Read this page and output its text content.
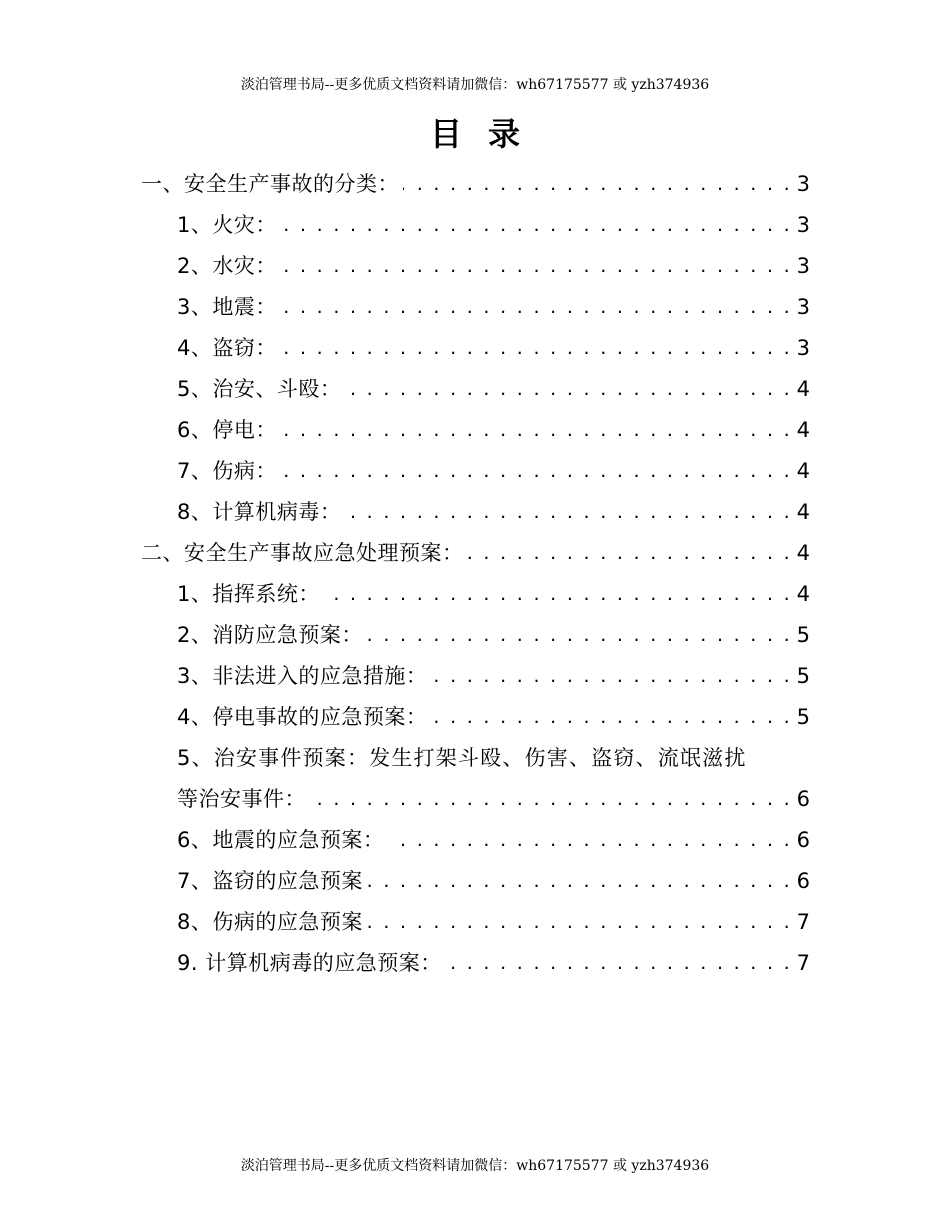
淡泊管理书局--更多优质文档资料请加微信：wh67175577 或 yzh374936
目录
一、安全生产事故的分类： . . .	3
1、火灾： . . .	3
2、水灾： . . .	3
3、地震： . . .	3
4、盗窃： . . .	3
5、治安、斗殴： . . .	4
6、停电： . . .	4
7、伤病： . . .	4
8、计算机病毒： . . .	4
二、安全生产事故应急处理预案： . . .	4
1、指挥系统： . . .	4
2、消防应急预案： . . .	5
3、非法进入的应急措施： . . .	5
4、停电事故的应急预案： . . .	5
5、治安事件预案：发生打架斗殴、伤害、盗窃、流氓滋扰
等治安事件： . . .	6
6、地震的应急预案： . . .	6
7、盗窃的应急预案 . . .	6
8、伤病的应急预案 . . .	7
9. 计算机病毒的应急预案： . . .	7
淡泊管理书局--更多优质文档资料请加微信：wh67175577 或 yzh374936
